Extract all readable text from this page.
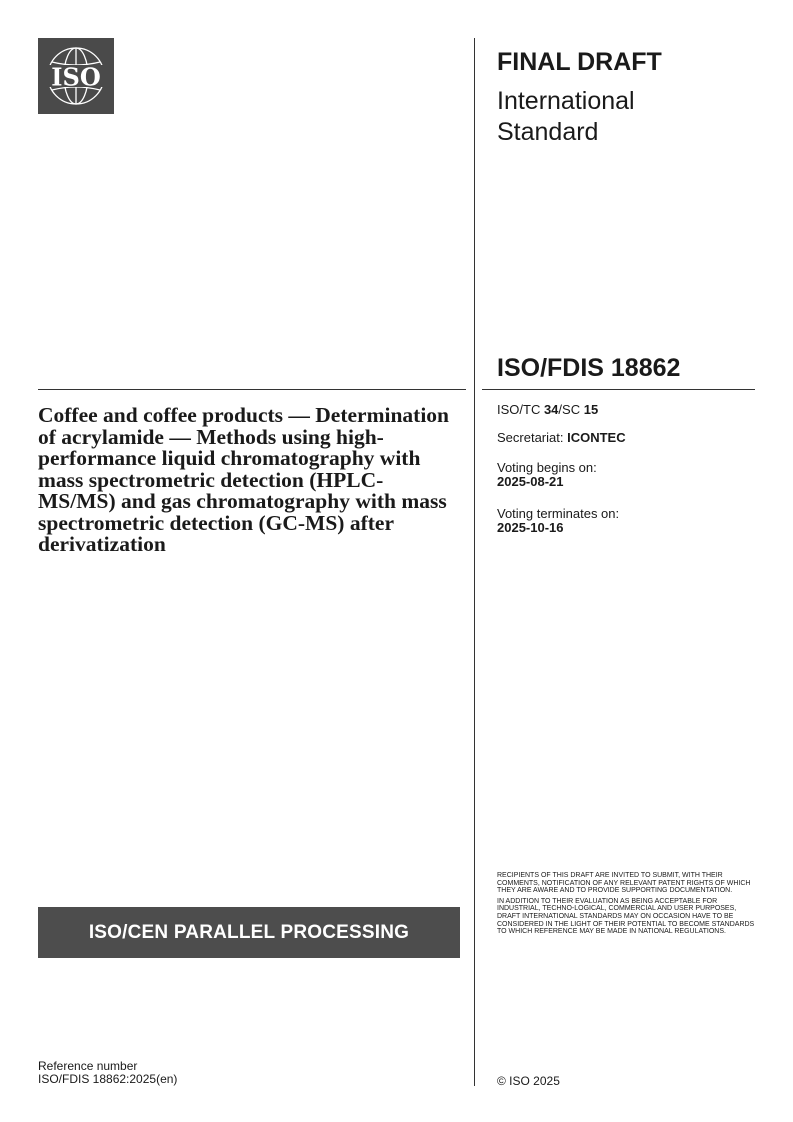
ISO
FINAL DRAFT
International
Standard
ISO/FDIS 18862
Coffee and coffee products — Determination of acrylamide — Methods using high-performance liquid chromatography with mass spectrometric detection (HPLC-MS/MS) and gas chromatography with mass spectrometric detection (GC-MS) after derivatization
ISO/TC 34/SC 15
Secretariat: ICONTEC
Voting begins on:
2025-08-21
Voting terminates on:
2025-10-16

RECIPIENTS OF THIS DRAFT ARE INVITED TO SUBMIT, WITH THEIR COMMENTS, NOTIFICATION OF ANY RELEVANT PATENT RIGHTS OF WHICH THEY ARE AWARE AND TO PROVIDE SUPPORTING DOCUMENTATION.

IN ADDITION TO THEIR EVALUATION AS BEING ACCEPTABLE FOR INDUSTRIAL, TECHNO-LOGICAL, COMMERCIAL AND USER PURPOSES, DRAFT INTERNATIONAL STANDARDS MAY ON OCCASION HAVE TO BE CONSIDERED IN THE LIGHT OF THEIR POTENTIAL TO BECOME STANDARDS TO WHICH REFERENCE MAY BE MADE IN NATIONAL REGULATIONS.

ISO/CEN PARALLEL PROCESSING
Reference number
ISO/FDIS 18862:2025(en)	© ISO 2025
